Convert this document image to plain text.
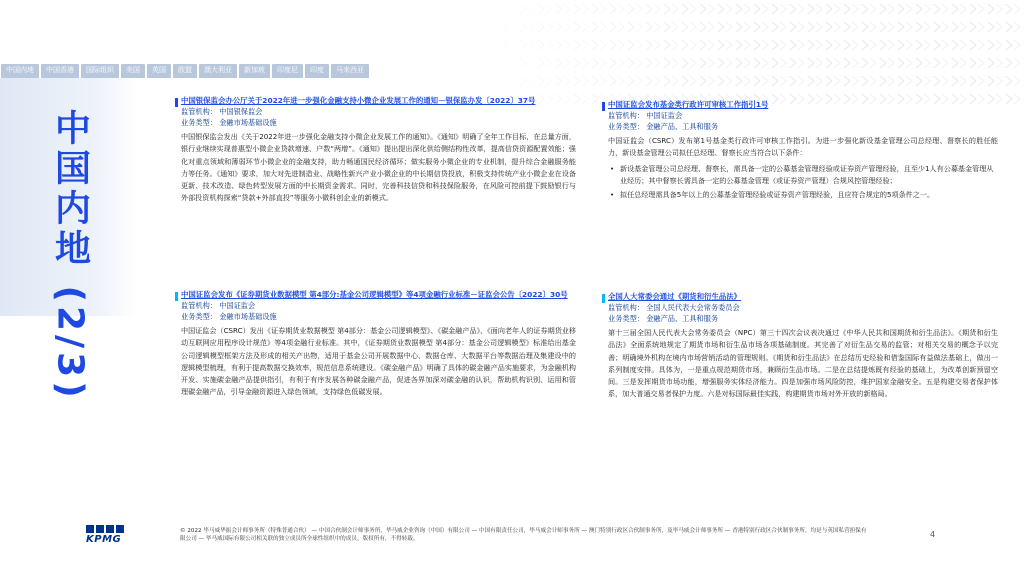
中国内地	中国香港	国际组织	美国	英国	欧盟	澳大利亚	新加坡	印度尼	印度	马来西亚
中国内地 (2/3)
中国银保监会办公厅关于2022年进一步强化金融支持小微企业发展工作的通知－银保监办发〔2022〕37号
监管机构： 中国银保监会
业务类型： 金融市场基础设施
中国银保监会发出《关于2022年进一步强化金融支持小微企业发展工作的通知》。《通知》明确了全年工作目标，在总量方面，银行业继续实现普惠型小微企业贷款增速、户数“两增”。《通知》提出提出深化供给侧结构性改革，提高信贷资源配置效能；强化对重点领域和薄弱环节小微企业的金融支持，助力畅通国民经济循环；做实服务小微企业的专业机制，提升综合金融服务能力等任务。《通知》要求，加大对先进制造业、战略性新兴产业小微企业的中长期信贷投放，积极支持传统产业小微企业在设备更新、技术改造、绿色转型发展方面的中长期资金需求。同时，完善科技信贷和科技保险服务，在风险可控前提下鼓励银行与外部投资机构探索“贷款+外部直投”等服务小微科创企业的新模式。
中国证监会发布基金类行政许可审核工作指引1号
监管机构： 中国证监会
业务类型： 金融产品、工具和服务
中国证监会（CSRC）发布第1号基金类行政许可审核工作指引。为进一步强化新设基金管理公司总经理、督察长的胜任能力，新设基金管理公司拟任总经理、督察长应当符合以下条件：
• 新设基金管理公司总经理、督察长，需具备一定的公募基金管理经验或证券资产管理经验，且至少1人有公募基金管理从业经历；其中督察长需具备一定的公募基金管理（或证券资产管理）合规风控管理经验；
• 拟任总经理需具备5年以上的公募基金管理经验或证券资产管理经验，且应符合规定的5项条件之一。
中国证监会发布《证券期货业数据模型 第4部分:基金公司逻辑模型》等4项金融行业标准－证监会公告〔2022〕30号
监管机构： 中国证监会
业务类型： 金融市场基础设施
中国证监会（CSRC）发出《证券期货业数据模型 第4部分：基金公司逻辑模型》、《碳金融产品》、《面向老年人的证券期货业移动互联网应用程序设计规范》等4项金融行业标准。其中，《证券期货业数据模型 第4部分：基金公司逻辑模型》标准给出基金公司逻辑模型框架方法及形成的相关产出物，适用于基金公司开展数据中心、数据仓库、大数据平台等数据治理及集建设中的逻辑模型梳理，有利于提高数据交换效率，规范信息系统建设。《碳金融产品》明确了具体的碳金融产品实施要求，为金融机构开发、实施碳金融产品提供指引，有利于有序发展各种碳金融产品，促进各界加深对碳金融的认识，帮助机构识别、运用和管理碳金融产品，引导金融资源进入绿色领域，支持绿色低碳发展。
全国人大常委会通过《期货和衍生品法》
监管机构： 全国人民代表大会常务委员会
业务类型： 金融产品、工具和服务
第十三届全国人民代表大会常务委员会（NPC）第三十四次会议表决通过《中华人民共和国期货和衍生品法》。《期货和衍生品法》全面系统地规定了期货市场和衍生品市场各项基础制度。其完善了对衍生品交易的监管；对相关交易的概念予以完善；明确境外机构在境内市场营销活动的管理规则。《期货和衍生品法》在总结历史经验和借鉴国际有益做法基础上，做出一系列制度安排。具体为，一是重点规范期货市场，兼顾衍生品市场。二是在总结提炼既有经验的基础上，为改革创新预留空间。三是发挥期货市场功能，增强服务实体经济能力。四是加强市场风险防控，维护国家金融安全。五是构建交易者保护体系，加大普通交易者保护力度。六是对标国际最佳实践，构建期货市场对外开放的新格局。
KPMG
© 2022 毕马威华振会计师事务所（特殊普通合伙） — 中国合伙制会计师事务所，毕马威企业咨询（中国）有限公司 — 中国有限责任公司，毕马威会计师事务所 — 澳门特别行政区合伙制事务所，及毕马威会计师事务所 — 香港特别行政区合伙制事务所，均是与英国私营担保有限公司 — 毕马威国际有限公司相关联的独立成员所全球性组织中的成员。版权所有，不得转载。	4
